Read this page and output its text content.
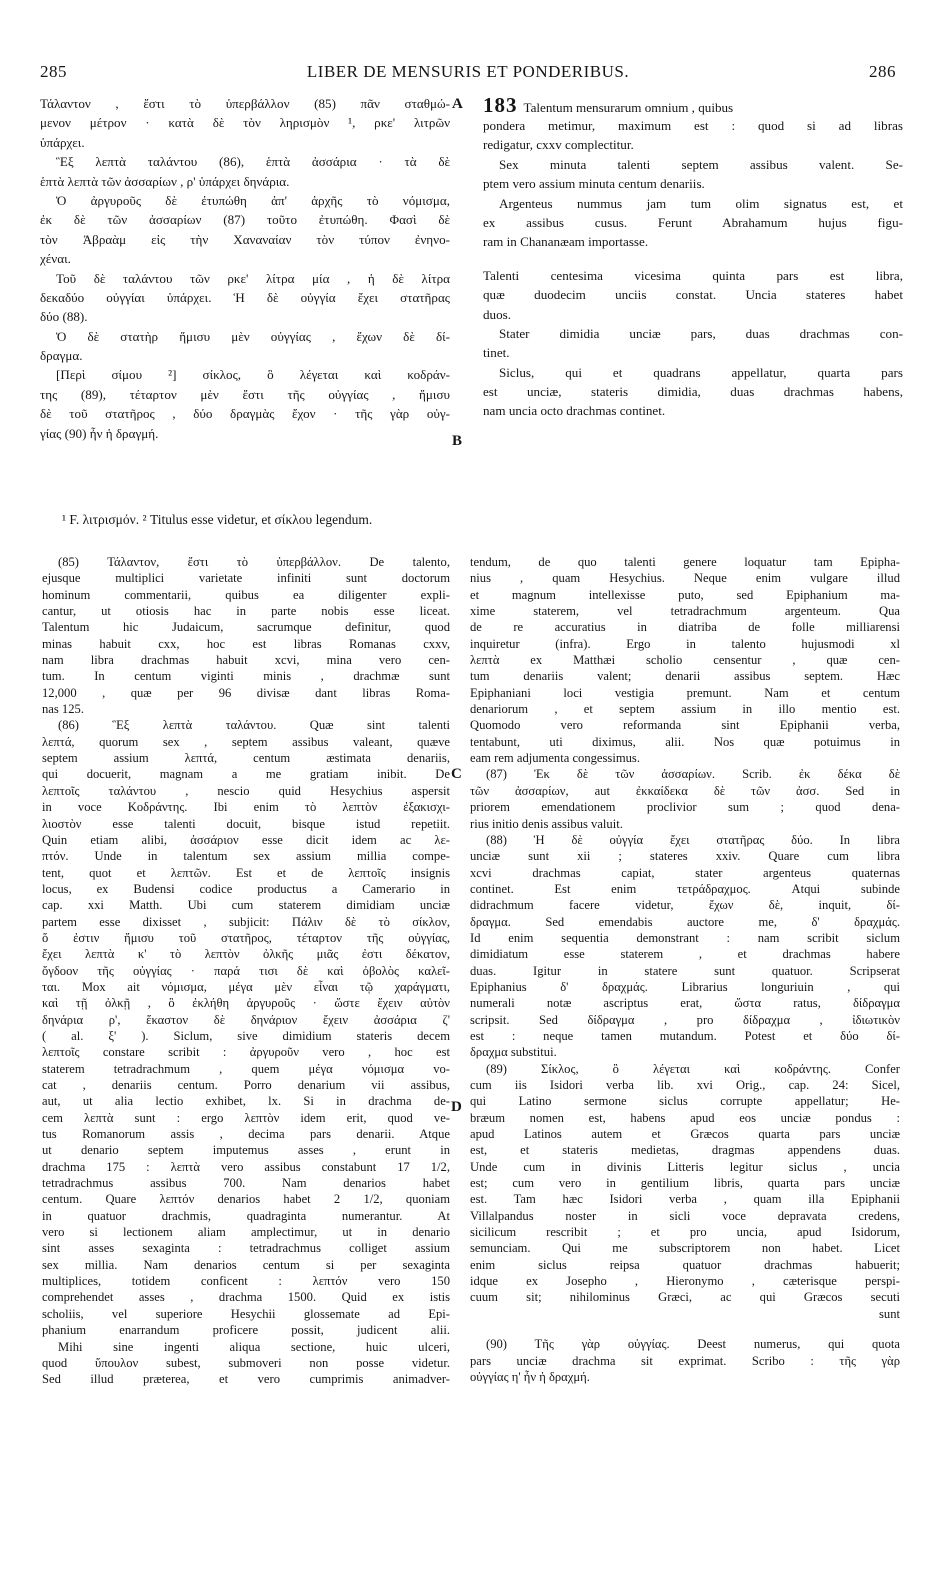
285	LIBER DE MENSURIS ET PONDERIBUS.	286
A
B
C
D
Τάλαντον , ἔστι τὸ ὑπερβάλλον (85) πᾶν σταθμώ-
μενον μέτρον · κατὰ δὲ τὸν ληρισμὸν ¹, ρκε' λιτρῶν
ὑπάρχει.
Ἓξ λεπτὰ ταλάντου (86), ἑπτὰ ἀσσάρια · τὰ δὲ
ἑπτὰ λεπτὰ τῶν ἀσσαρίων , ρ' ὑπάρχει δηνάρια.
Ὁ ἀργυροῦς δὲ ἐτυπώθη ἀπ' ἀρχῆς τὸ νόμισμα,
ἐκ δὲ τῶν ἀσσαρίων (87) τοῦτο ἐτυπώθη. Φασὶ δὲ
τὸν Ἀβραὰμ εἰς τὴν Χαναναίαν τὸν τύπον ἐνηνο-
χέναι.
Τοῦ δὲ ταλάντου τῶν ρκε' λίτρα μία , ἡ δὲ λίτρα
δεκαδύο οὐγγίαι ὑπάρχει. Ἡ δὲ οὐγγία ἔχει στατῆρας
δύο (88).
Ὁ δὲ στατὴρ ἥμισυ μὲν οὐγγίας , ἔχων δὲ δί-
δραγμα.
[Περὶ σίμου ²] σίκλος, ὃ λέγεται καὶ κοδράν-
της (89), τέταρτον μὲν ἔστι τῆς οὐγγίας , ἥμισυ
δὲ τοῦ στατῆρος , δύο δραγμὰς ἔχον · τῆς γὰρ οὐγ-
γίας (90) ἦν ἡ δραγμή.
183 Talentum mensurarum omnium , quibus
pondera metimur, maximum est : quod si ad libras
redigatur, cxxv complectitur.
Sex minuta talenti septem assibus valent. Se-
ptem vero assium minuta centum denariis.
Argenteus nummus jam tum olim signatus est, et
ex assibus cusus. Ferunt Abrahamum hujus figu-
ram in Chananæam importasse.
Talenti centesima vicesima quinta pars est libra,
quæ duodecim unciis constat. Uncia stateres habet
duos.
Stater dimidia unciæ pars, duas drachmas con-
tinet.
Siclus, qui et quadrans appellatur, quarta pars
est unciæ, stateris dimidia, duas drachmas habens,
nam uncia octo drachmas continet.
¹ F. λιτρισμόν. ² Titulus esse videtur, et σίκλου legendum.
(85) Τάλαντον, ἔστι τὸ ὑπερβάλλον. De talento,
ejusque multiplici varietate infiniti sunt doctorum
hominum commentarii, quibus ea diligenter expli-
cantur, ut otiosis hac in parte nobis esse liceat.
Talentum hic Judaicum, sacrumque definitur, quod
minas habuit cxx, hoc est libras Romanas cxxv,
nam libra drachmas habuit xcvi, mina vero cen-
tum. In centum viginti minis , drachmæ sunt
12,000 , quæ per 96 divisæ dant libras Roma-
nas 125.
(86) Ἓξ λεπτὰ ταλάντου. Quæ sint talenti
λεπτά, quorum sex , septem assibus valeant, quæve
septem assium λεπτά, centum æstimata denariis,
qui docuerit, magnam a me gratiam inibit. De
λεπτοῖς ταλάντου , nescio quid Hesychius aspersit
in voce Κοδράντης. Ibi enim τὸ λεπτὸν ἐξακισχι-
λιοστὸν esse talenti docuit, bisque istud repetiit.
Quin etiam alibi, ἀσσάριον esse dicit idem ac λε-
πτόν. Unde in talentum sex assium millia compe-
tent, quot et λεπτῶν. Est et de λεπτοῖς insignis
locus, ex Budensi codice productus a Camerario in
cap. xxi Matth. Ubi cum staterem dimidiam unciæ
partem esse dixisset , subjicit: Πάλιν δὲ τὸ σίκλον,
ὅ ἐστιν ἥμισυ τοῦ στατῆρος, τέταρτον τῆς οὐγγίας,
ἔχει λεπτὰ κ' τὸ λεπτὸν ὀλκῆς μιᾶς ἐστι δέκατον,
ὄγδοον τῆς οὐγγίας · παρά τισι δὲ καὶ ὀβολὸς καλεῖ-
ται. Mox ait νόμισμα, μέγα μὲν εἶναι τῷ χαράγματι,
καὶ τῇ ὀλκῇ , ὃ ἐκλήθη ἀργυροῦς · ὥστε ἔχειν αὐτὸν
δηνάρια ρ', ἕκαστον δὲ δηνάριον ἔχειν ἀσσάρια ζ'
( al. ξ' ). Siclum, sive dimidium stateris decem
λεπτοῖς constare scribit : ἀργυροῦν vero , hoc est
staterem tetradrachmum , quem μέγα νόμισμα vo-
cat , denariis centum. Porro denarium vii assibus,
aut, ut alia lectio exhibet, lx. Si in drachma de-
cem λεπτὰ sunt : ergo λεπτὸν idem erit, quod ve-
tus Romanorum assis , decima pars denarii. Atque
ut denario septem imputemus asses , erunt in
drachma 175 : λεπτὰ vero assibus constabunt 17 1/2,
tetradrachmus assibus 700. Nam denarios habet
centum. Quare λεπτόν denarios habet 2 1/2, quoniam
in quatuor drachmis, quadraginta numerantur. At
vero si lectionem aliam amplectimur, ut in denario
sint asses sexaginta : tetradrachmus colliget assium
sex millia. Nam denarios centum si per sexaginta
multiplices, totidem conficent : λεπτόν vero 150
comprehendet asses , drachma 1500. Quid ex istis
scholiis, vel superiore Hesychii glossemate ad Epi-
phanium enarrandum proficere possit, judicent alii.
Mihi sine ingenti aliqua sectione, huic ulceri,
quod ὕπουλον subest, submoveri non posse videtur.
Sed illud præterea, et vero cumprimis animadver-
tendum, de quo talenti genere loquatur tam Epipha-
nius , quam Hesychius. Neque enim vulgare illud
et magnum intellexisse puto, sed Epiphanium ma-
xime staterem, vel tetradrachmum argenteum. Qua
de re accuratius in diatriba de folle milliarensi
inquiretur (infra). Ergo in talento hujusmodi xl
λεπτὰ ex Matthæi scholio censentur , quæ cen-
tum denariis valent; denarii assibus septem. Hæc
Epiphaniani loci vestigia premunt. Nam et centum
denariorum , et septem assium in illo mentio est.
Quomodo vero reformanda sint Epiphanii verba,
tentabunt, uti diximus, alii. Nos quæ potuimus in
eam rem adjumenta congessimus.
(87) Ἐκ δὲ τῶν ἀσσαρίων. Scrib. ἐκ δέκα δὲ
τῶν ἀσσαρίων, aut ἐκκαίδεκα δὲ τῶν ἀσσ. Sed in
priorem emendationem proclivior sum ; quod dena-
rius initio denis assibus valuit.
(88) Ἡ δὲ οὐγγία ἔχει στατῆρας δύο. In libra
unciæ sunt xii ; stateres xxiv. Quare cum libra
xcvi drachmas capiat, stater argenteus quaternas
continet. Est enim τετράδραχμος. Atqui subinde
didrachmum facere videtur, ἔχων δὲ, inquit, δί-
δραγμα. Sed emendabis auctore me, δ' δραχμάς.
Id enim sequentia demonstrant : nam scribit siclum
dimidiatum esse staterem , et drachmas habere
duas. Igitur in statere sunt quatuor. Scripserat
Epiphanius δ' δραχμάς. Librarius longuriuin , qui
numerali notæ ascriptus erat, ὥστα ratus, δίδραγμα
scripsit. Sed δίδραγμα , pro δίδραχμα , ἰδιωτικὸν
est : neque tamen mutandum. Potest et δύο δί-
δραχμα substitui.
(89) Σίκλος, ὃ λέγεται καὶ κοδράντης. Confer
cum iis Isidori verba lib. xvi Orig., cap. 24: Sicel,
qui Latino sermone siclus corrupte appellatur; He-
bræum nomen est, habens apud eos unciæ pondus :
apud Latinos autem et Græcos quarta pars unciæ
est, et stateris medietas, dragmas appendens duas.
Unde cum in divinis Litteris legitur siclus , uncia
est; cum vero in gentilium libris, quarta pars unciæ
est. Tam hæc Isidori verba , quam illa Epiphanii
Villalpandus noster in sicli voce depravata credens,
sicilicum rescribit ; et pro uncia, apud Isidorum,
semunciam. Qui me subscriptorem non habet. Licet
enim siclus reipsa quatuor drachmas habuerit;
idque ex Josepho , Hieronymo , cæterisque perspi-
cuum sit; nihilominus Græci, ac qui Græcos secuti
sunt
(90) Τῆς γὰρ οὐγγίας. Deest numerus, qui quota
pars unciæ drachma sit exprimat. Scribo : τῆς γὰρ
οὐγγίας η' ἦν ἡ δραχμή.
